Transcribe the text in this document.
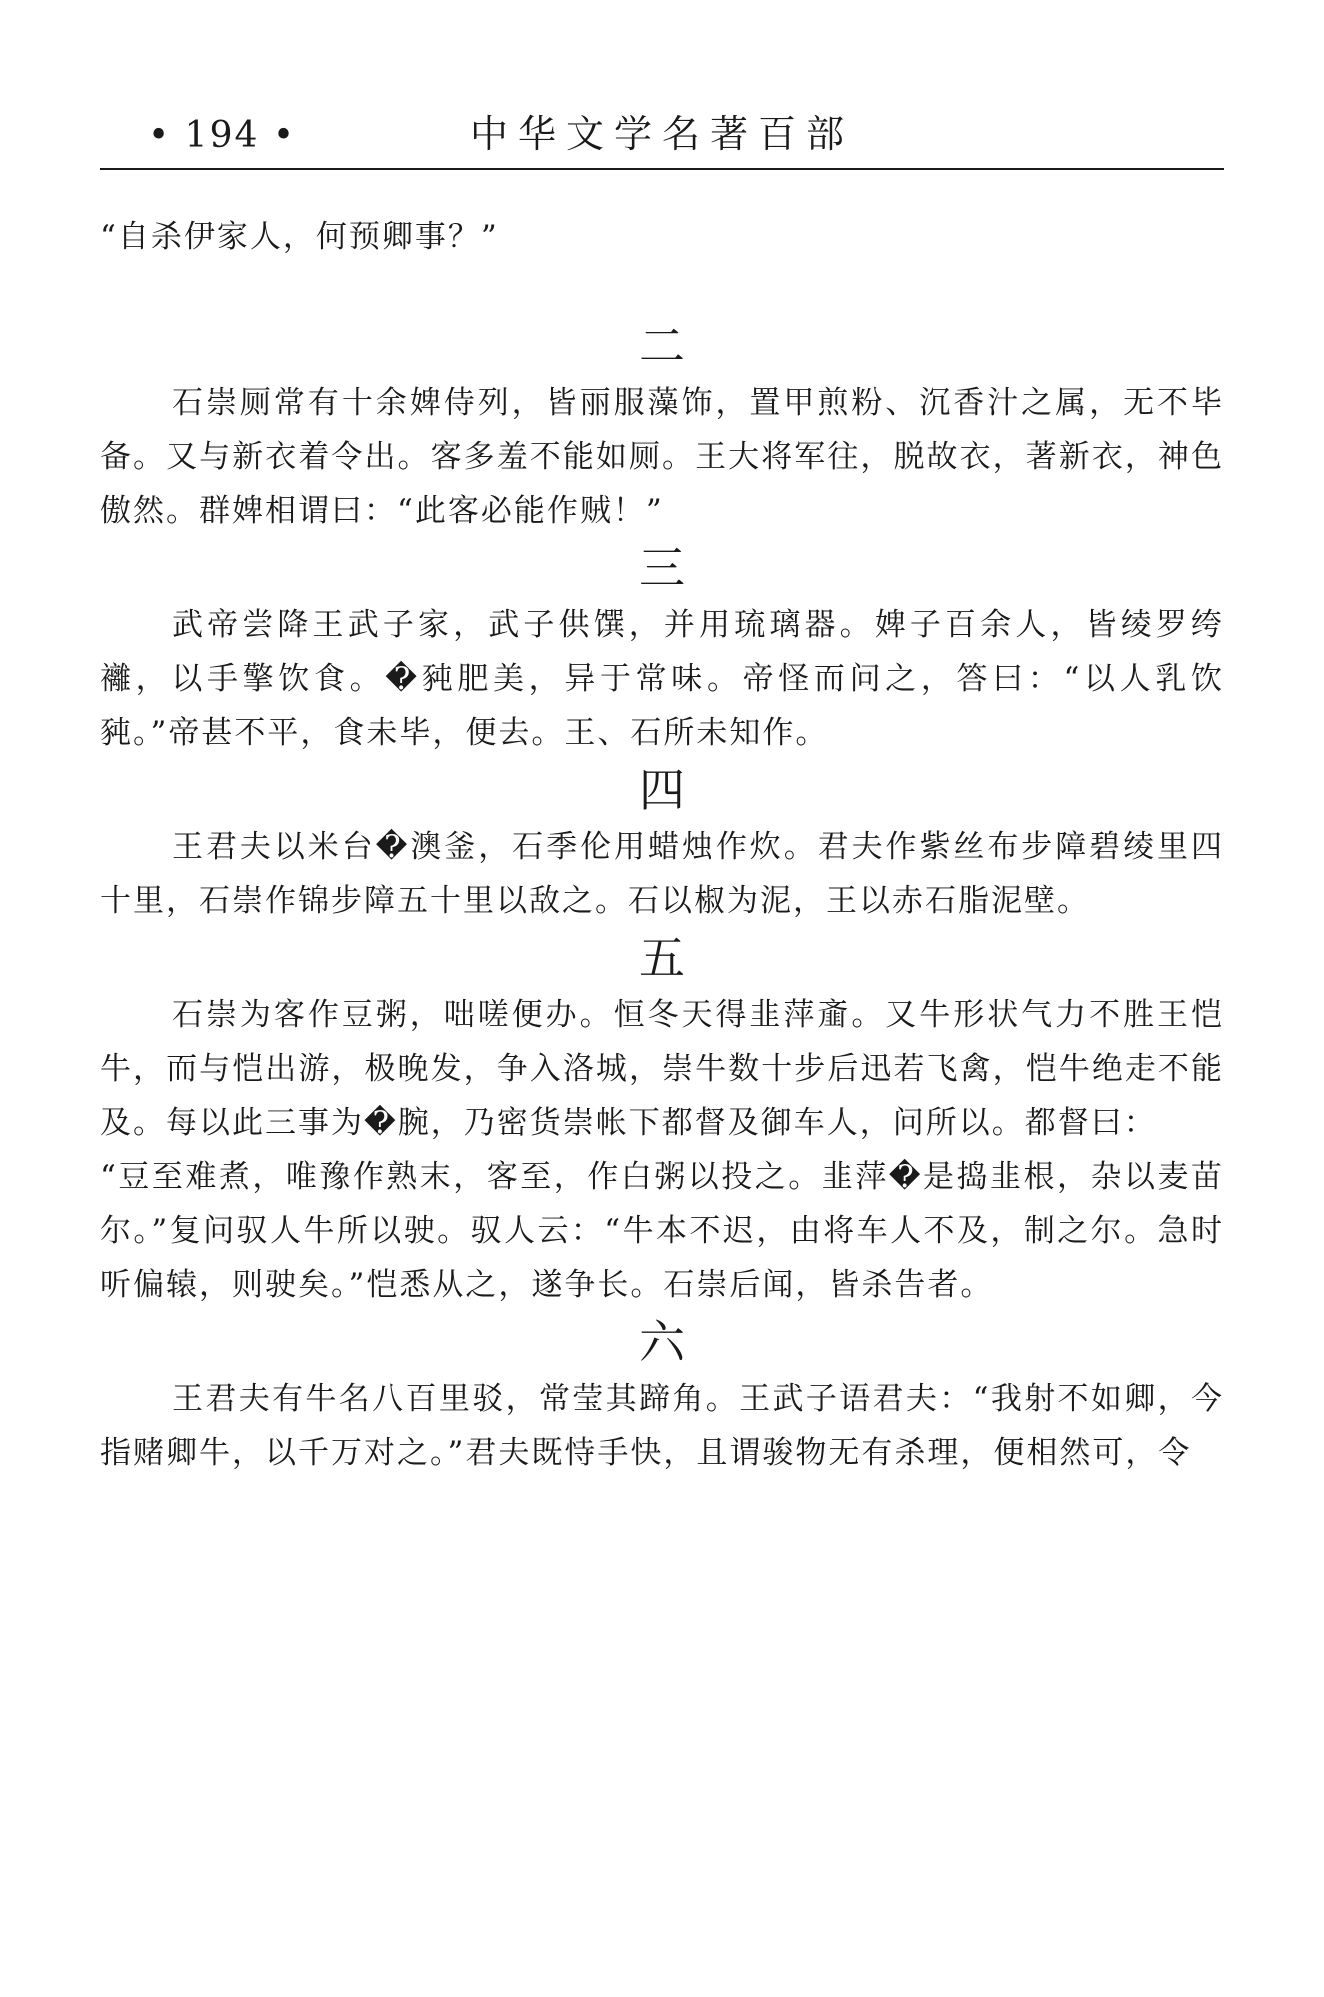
• 194 •	中华文学名著百部

“自杀伊家人，何预卿事？”

二

石崇厕常有十余婢侍列，皆丽服藻饰，置甲煎粉、沉香汁之属，无不毕备。又与新衣着令出。客多羞不能如厕。王大将军往，脱故衣，著新衣，神色傲然。群婢相谓曰：“此客必能作贼！”

三

武帝尝降王武子家，武子供馔，并用琉璃器。婢子百余人，皆绫罗绔 䙰，以手擎饮食。�豘肥美，异于常味。帝怪而问之，答曰：“以人乳饮豘。”帝甚不平，食未毕，便去。王、石所未知作。

四

王君夫以米台�澳釜，石季伦用蜡烛作炊。君夫作紫丝布步障碧绫里四十里，石崇作锦步障五十里以敌之。石以椒为泥，王以赤石脂泥壁。

五

石崇为客作豆粥，咄嗟便办。恒冬天得韭萍齑。又牛形状气力不胜王恺牛，而与恺出游，极晚发，争入洛城，崇牛数十步后迅若飞禽，恺牛绝走不能及。每以此三事为�腕，乃密货崇帐下都督及御车人，问所以。都督曰：

“豆至难煮，唯豫作熟末，客至，作白粥以投之。韭萍�是捣韭根，杂以麦苗尔。”复问驭人牛所以驶。驭人云：“牛本不迟，由将车人不及，制之尔。急时听偏辕，则驶矣。”恺悉从之，遂争长。石崇后闻，皆杀告者。

六

王君夫有牛名八百里驳，常莹其蹄角。王武子语君夫：“我射不如卿，今指赌卿牛，以千万对之。”君夫既恃手快，且谓骏物无有杀理，便相然可，令
